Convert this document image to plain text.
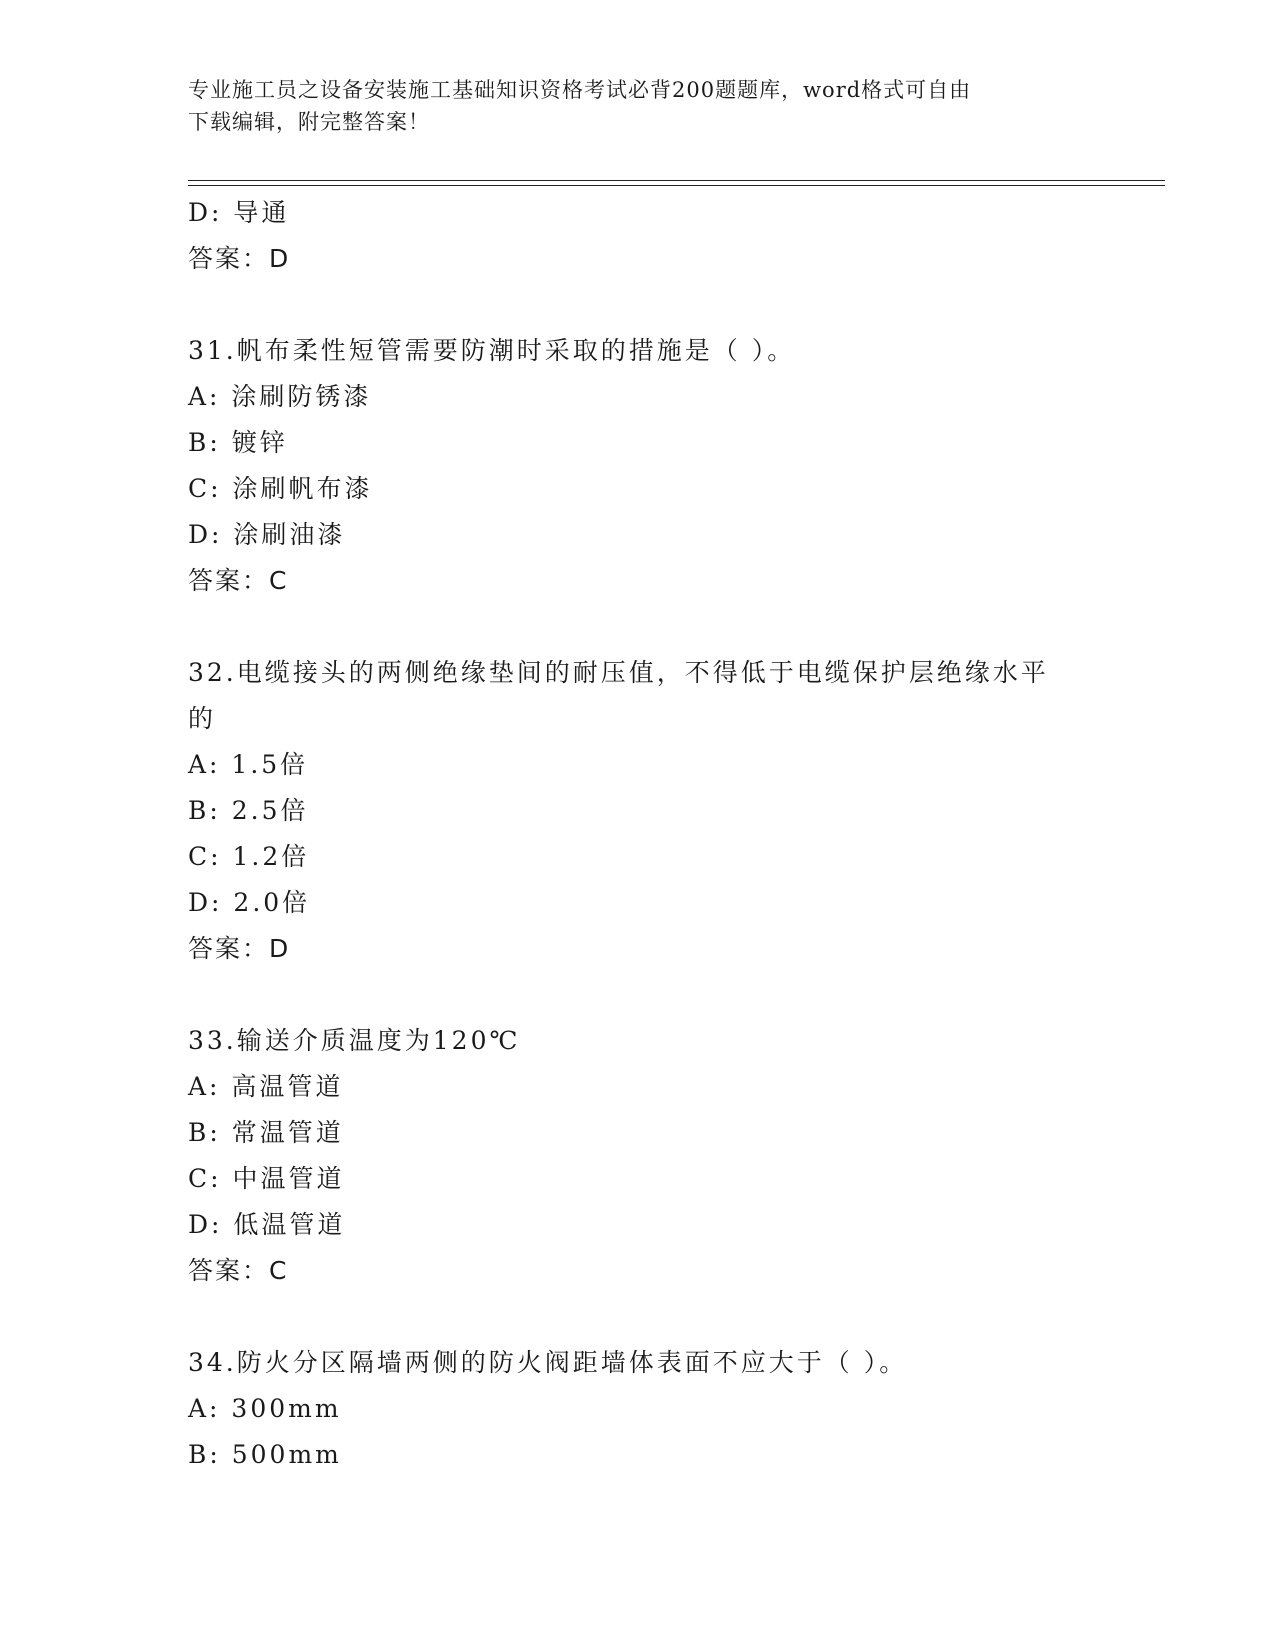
专业施工员之设备安装施工基础知识资格考试必背200题题库，word格式可自由
下载编辑，附完整答案！
D: 导通
答案：D
31.帆布柔性短管需要防潮时采取的措施是（ ）。
A: 涂刷防锈漆
B: 镀锌
C: 涂刷帆布漆
D: 涂刷油漆
答案：C
32.电缆接头的两侧绝缘垫间的耐压值，不得低于电缆保护层绝缘水平
的
A: 1.5倍
B: 2.5倍
C: 1.2倍
D: 2.0倍
答案：D
33.输送介质温度为120℃
A: 高温管道
B: 常温管道
C: 中温管道
D: 低温管道
答案：C
34.防火分区隔墙两侧的防火阀距墙体表面不应大于（ ）。
A: 300mm
B: 500mm
